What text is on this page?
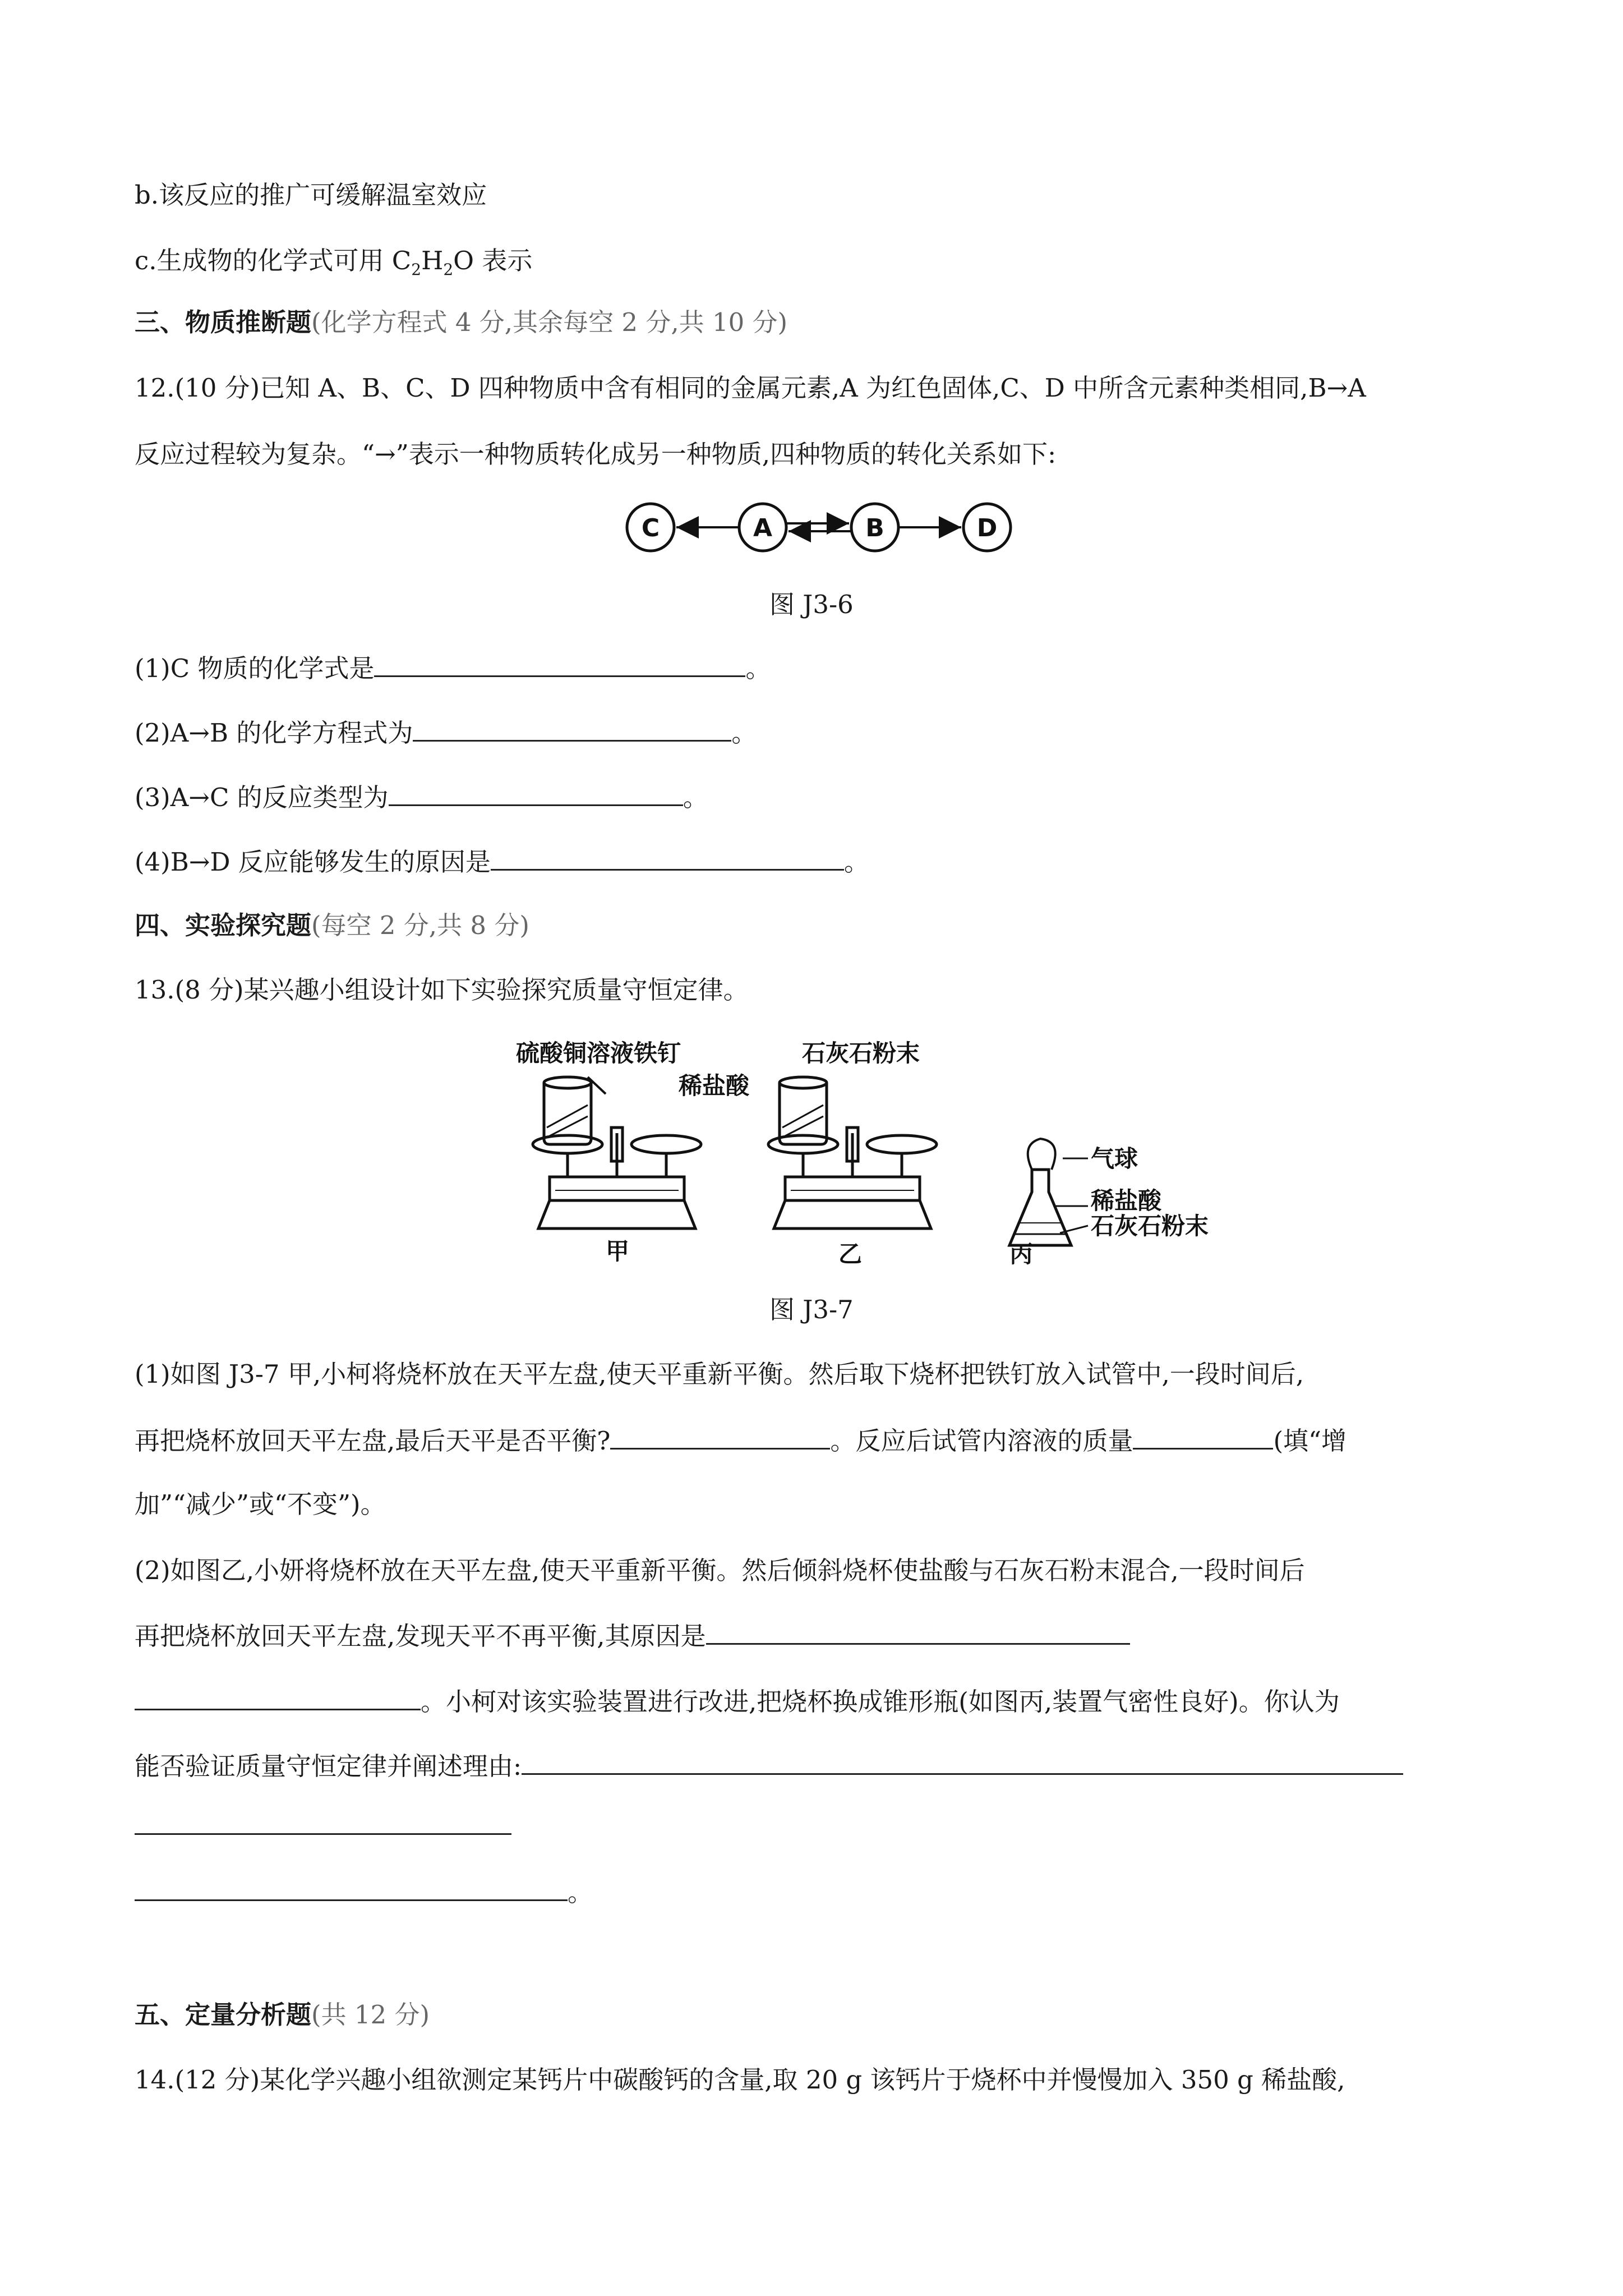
b.该反应的推广可缓解温室效应
c.生成物的化学式可用 $C_2H_2O$ 表示
三、物质推断题(化学方程式 4 分,其余每空 2 分,共 10 分)
12.(10 分)已知 A、B、C、D 四种物质中含有相同的金属元素,A 为红色固体,C、D 中所含元素种类相同,B→A
反应过程较为复杂。“→”表示一种物质转化成另一种物质,四种物质的转化关系如下:
C	A	B	D
图 J3-6
(1)C 物质的化学式是	。
(2)A→B 的化学方程式为	。
(3)A→C 的反应类型为	。
(4)B→D 反应能够发生的原因是	。
四、实验探究题(每空 2 分,共 8 分)
13.(8 分)某兴趣小组设计如下实验探究质量守恒定律。
硫酸铜溶液 铁钉	石灰石粉末
稀盐酸
气球
稀盐酸
石灰石粉末
甲	乙	丙
图 J3-7
(1)如图 J3-7 甲,小柯将烧杯放在天平左盘,使天平重新平衡。然后取下烧杯把铁钉放入试管中,一段时间后,
再把烧杯放回天平左盘,最后天平是否平衡?	。反应后试管内溶液的质量	(填“增
加”“减少”或“不变”)。
(2)如图乙,小妍将烧杯放在天平左盘,使天平重新平衡。然后倾斜烧杯使盐酸与石灰石粉末混合,一段时间后
再把烧杯放回天平左盘,发现天平不再平衡,其原因是
。小柯对该实验装置进行改进,把烧杯换成锥形瓶(如图丙,装置气密性良好)。你认为
能否验证质量守恒定律并阐述理由:
。
五、定量分析题(共 12 分)
14.(12 分)某化学兴趣小组欲测定某钙片中碳酸钙的含量,取 20 g 该钙片于烧杯中并慢慢加入 350 g 稀盐酸,
